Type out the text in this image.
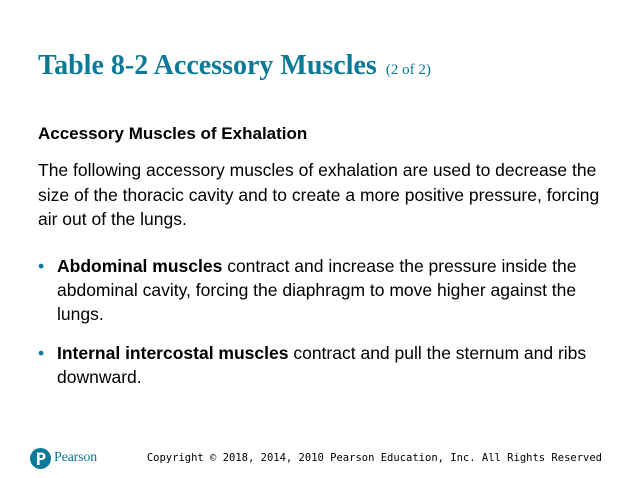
Table 8-2 Accessory Muscles (2 of 2)
Accessory Muscles of Exhalation

The following accessory muscles of exhalation are used to decrease the size of the thoracic cavity and to create a more positive pressure, forcing air out of the lungs.

• Abdominal muscles contract and increase the pressure inside the abdominal cavity, forcing the diaphragm to move higher against the lungs.
• Internal intercostal muscles contract and pull the sternum and ribs downward.
Pearson	Copyright © 2018, 2014, 2010 Pearson Education, Inc. All Rights Reserved
